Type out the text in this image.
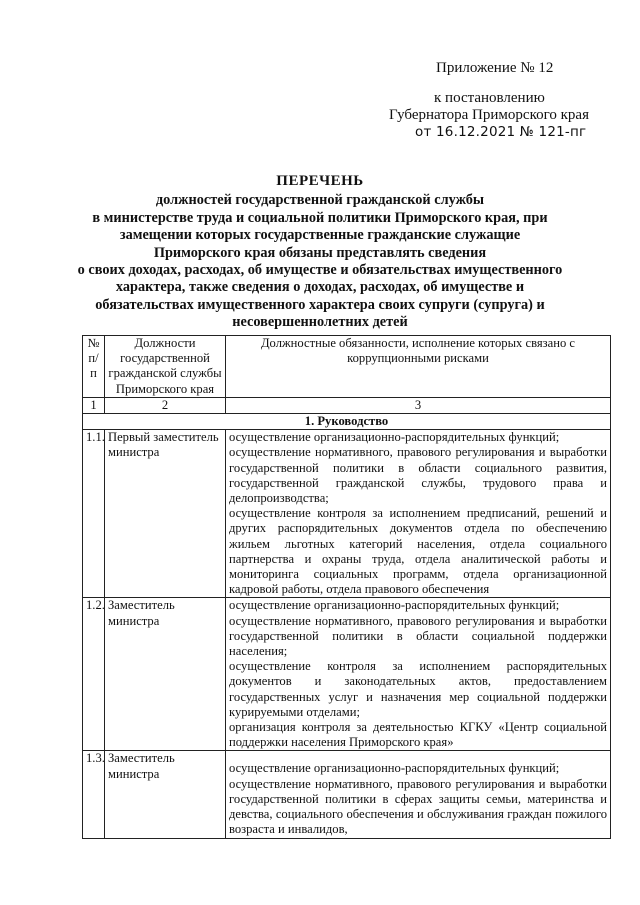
Приложение № 12
к постановлению
Губернатора Приморского края
от 16.12.2021 № 121-пг
ПЕРЕЧЕНЬ
должностей государственной гражданской службы
в министерстве труда и социальной политики Приморского края, при
замещении которых государственные гражданские служащие
Приморского края обязаны представлять сведения
о своих доходах, расходах, об имуществе и обязательствах имущественного
характера, также сведения о доходах, расходах, об имуществе и
обязательствах имущественного характера своих супруги (супруга) и
несовершеннолетних детей
№ п/п	Должности государственной гражданской службы Приморского края	Должностные обязанности, исполнение которых связано с коррупционными рисками
1	2	3
1. Руководство		
1.1.	Первый заместитель министра	осуществление организационно-распорядительных функций;

осуществление нормативного, правового регулирования и выработки государственной политики в области социального развития, государственной гражданской службы, трудового права и делопроизводства;

осуществление контроля за исполнением предписаний, решений и других распорядительных документов отдела по обеспечению жильем льготных категорий населения, отдела социального партнерства и охраны труда, отдела аналитической работы и мониторинга социальных программ, отдела организационной кадровой работы, отдела правового обеспечения

1.2.	Заместитель министра	осуществление организационно-распорядительных функций;

осуществление нормативного, правового регулирования и выработки государственной политики в области социальной поддержки населения;

осуществление контроля за исполнением распорядительных документов и законодательных актов, предоставлением государственных услуг и назначения мер социальной поддержки курируемыми отделами;

организация контроля за деятельностью КГКУ «Центр социальной поддержки населения Приморского края»

1.3.	Заместитель министра	осуществление организационно-распорядительных функций;

осуществление нормативного, правового регулирования и выработки государственной политики в сферах защиты семьи, материнства и девства, социального обеспечения и обслуживания граждан пожилого возраста и инвалидов,
